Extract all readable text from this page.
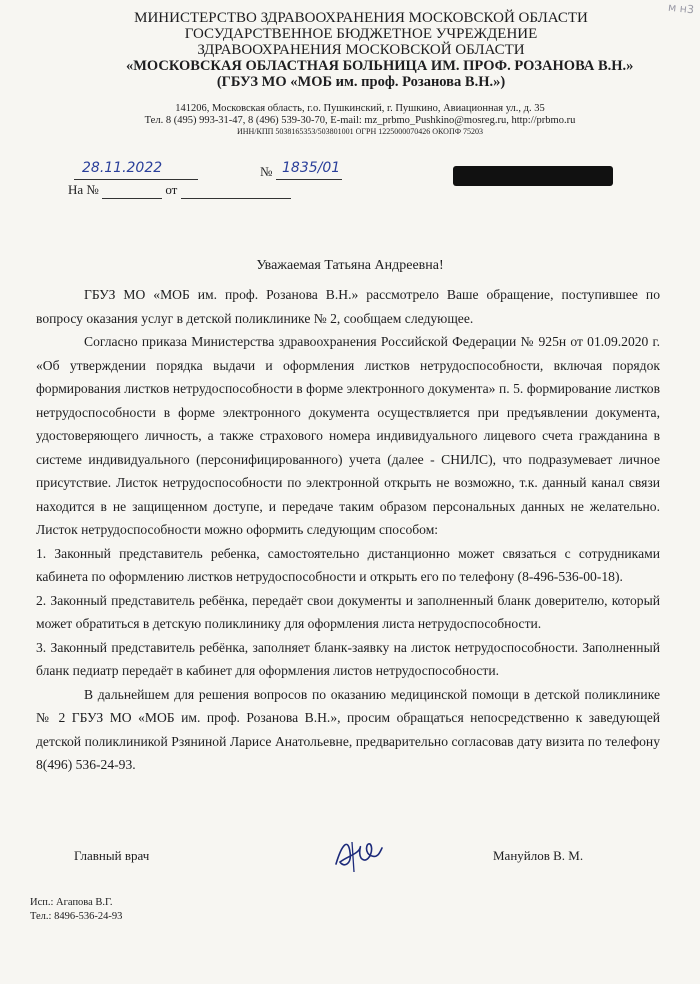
м н3
МИНИСТЕРСТВО ЗДРАВООХРАНЕНИЯ МОСКОВСКОЙ ОБЛАСТИ
ГОСУДАРСТВЕННОЕ БЮДЖЕТНОЕ УЧРЕЖДЕНИЕ
ЗДРАВООХРАНЕНИЯ МОСКОВСКОЙ ОБЛАСТИ
«МОСКОВСКАЯ ОБЛАСТНАЯ БОЛЬНИЦА ИМ. ПРОФ. РОЗАНОВА В.Н.»
(ГБУЗ МО «МОБ им. проф. Розанова В.Н.»)
141206, Московская область, г.о. Пушкинский, г. Пушкино, Авиационная ул., д. 35
Тел. 8 (495) 993-31-47, 8 (496) 539-30-70, E-mail: mz_prbmo_Pushkino@mosreg.ru, http://prbmo.ru
ИНН/КПП 5038165353/503801001 ОГРН 1225000070426 ОКОПФ 75203
28.11.2022	№ 1835/01
На №	от
Уважаемая Татьяна Андреевна!

ГБУЗ МО «МОБ им. проф. Розанова В.Н.» рассмотрело Ваше обращение, поступившее по вопросу оказания услуг в детской поликлинике № 2, сообщаем следующее.

Согласно приказа Министерства здравоохранения Российской Федерации № 925н от 01.09.2020 г. «Об утверждении порядка выдачи и оформления листков нетрудоспособности, включая порядок формирования листков нетрудоспособности в форме электронного документа» п. 5. формирование листков нетрудоспособности в форме электронного документа осуществляется при предъявлении документа, удостоверяющего личность, а также страхового номера индивидуального лицевого счета гражданина в системе индивидуального (персонифицированного) учета (далее - СНИЛС), что подразумевает личное присутствие. Листок нетрудоспособности по электронной открыть не возможно, т.к. данный канал связи находится в не защищенном доступе, и передаче таким образом персональных данных не желательно. Листок нетрудоспособности можно оформить следующим способом:

1. Законный представитель ребенка, самостоятельно дистанционно может связаться с сотрудниками кабинета по оформлению листков нетрудоспособности и открыть его по телефону (8-496-536-00-18).

2. Законный представитель ребёнка, передаёт свои документы и заполненный бланк доверителю, который может обратиться в детскую поликлинику для оформления листа нетрудоспособности.

3. Законный представитель ребёнка, заполняет бланк-заявку на листок нетрудоспособности. Заполненный бланк педиатр передаёт в кабинет для оформления листов нетрудоспособности.

В дальнейшем для решения вопросов по оказанию медицинской помощи в детской поликлинике № 2 ГБУЗ МО «МОБ им. проф. Розанова В.Н.», просим обращаться непосредственно к заведующей детской поликлиникой Рзяниной Ларисе Анатольевне, предварительно согласовав дату визита по телефону 8(496) 536-24-93.

Главный врач	Мануйлов В. М.
Исп.: Агапова В.Г.
Тел.: 8496-536-24-93
